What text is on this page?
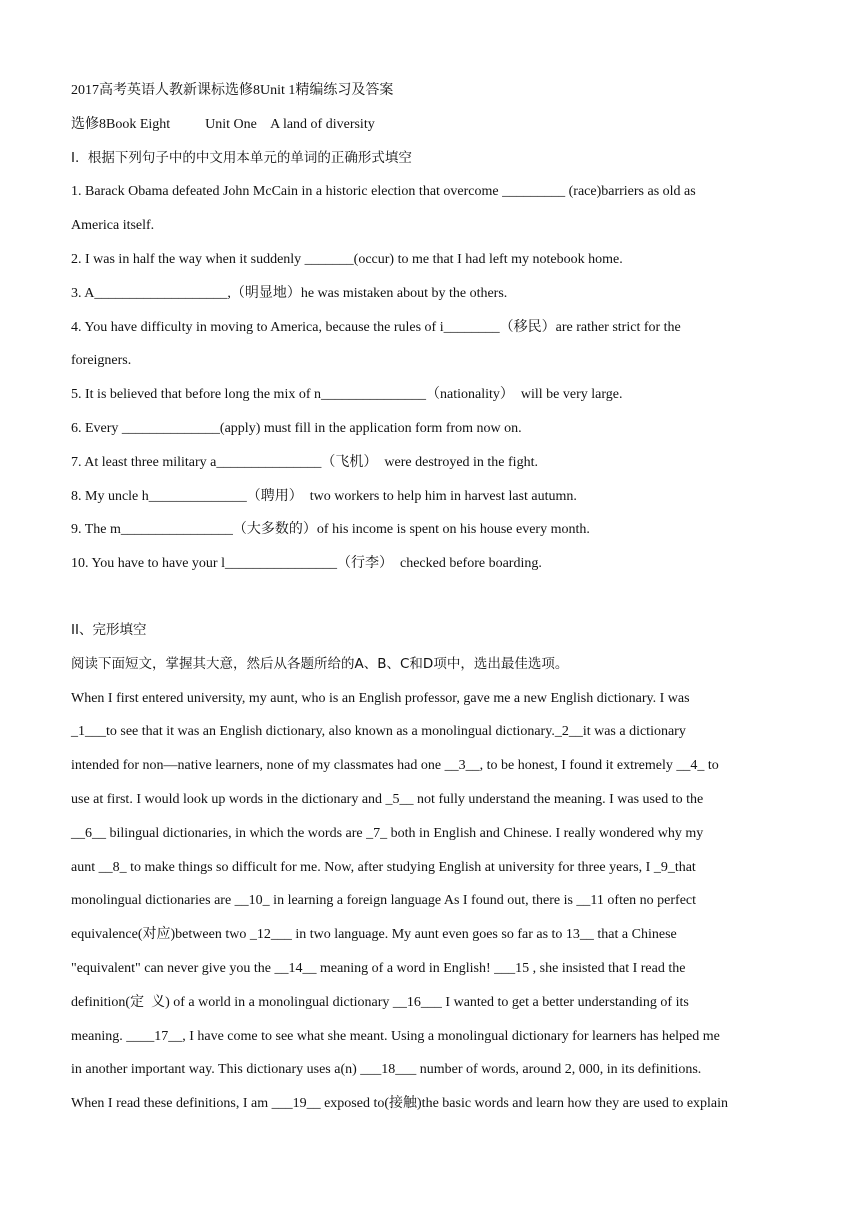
2017高考英语人教新课标选修8Unit 1精编练习及答案

选修8Book Eight          Unit One    A land of diversity

I.  根据下列句子中的中文用本单元的单词的正确形式填空

1. Barack Obama defeated John McCain in a historic election that overcome _________ (race)barriers as old as

America itself.

2. I was in half the way when it suddenly _______(occur) to me that I had left my notebook home.

3. A___________________,（明显地）he was mistaken about by the others.

4. You have difficulty in moving to America, because the rules of i________（移民）are rather strict for the

foreigners.

5. It is believed that before long the mix of n_______________（nationality）  will be very large.

6. Every ______________(apply) must fill in the application form from now on.

7. At least three military a_______________（飞机）  were destroyed in the fight.

8. My uncle h______________（聘用）  two workers to help him in harvest last autumn.

9. The m________________（大多数的）of his income is spent on his house every month.

10. You have to have your l________________（行李）  checked before boarding.

II、完形填空

阅读下面短文，掌握其大意，然后从各题所给的A、B、C和D项中，选出最佳选项。

When I first entered university, my aunt, who is an English professor, gave me a new English dictionary. I was

_1___to see that it was an English dictionary, also known as a monolingual dictionary._2__it was a dictionary

intended for non—native learners, none of my classmates had one __3__, to be honest, I found it extremely __4_ to

use at first. I would look up words in the dictionary and _5__ not fully understand the meaning. I was used to the

__6__ bilingual dictionaries, in which the words are _7_ both in English and Chinese. I really wondered why my

aunt __8_ to make things so difficult for me. Now, after studying English at university for three years, I _9_that

monolingual dictionaries are __10_ in learning a foreign language As I found out, there is __11 often no perfect

equivalence(对应)between two _12___ in two language. My aunt even goes so far as to 13__ that a Chinese

"equivalent" can never give you the __14__ meaning of a word in English! ___15 , she insisted that I read the

definition(定  义) of a world in a monolingual dictionary __16___ I wanted to get a better understanding of its

meaning. ____17__, I have come to see what she meant. Using a monolingual dictionary for learners has helped me

in another important way. This dictionary uses a(n) ___18___ number of words, around 2, 000, in its definitions.

When I read these definitions, I am ___19__ exposed to(接触)the basic words and learn how they are used to explain
